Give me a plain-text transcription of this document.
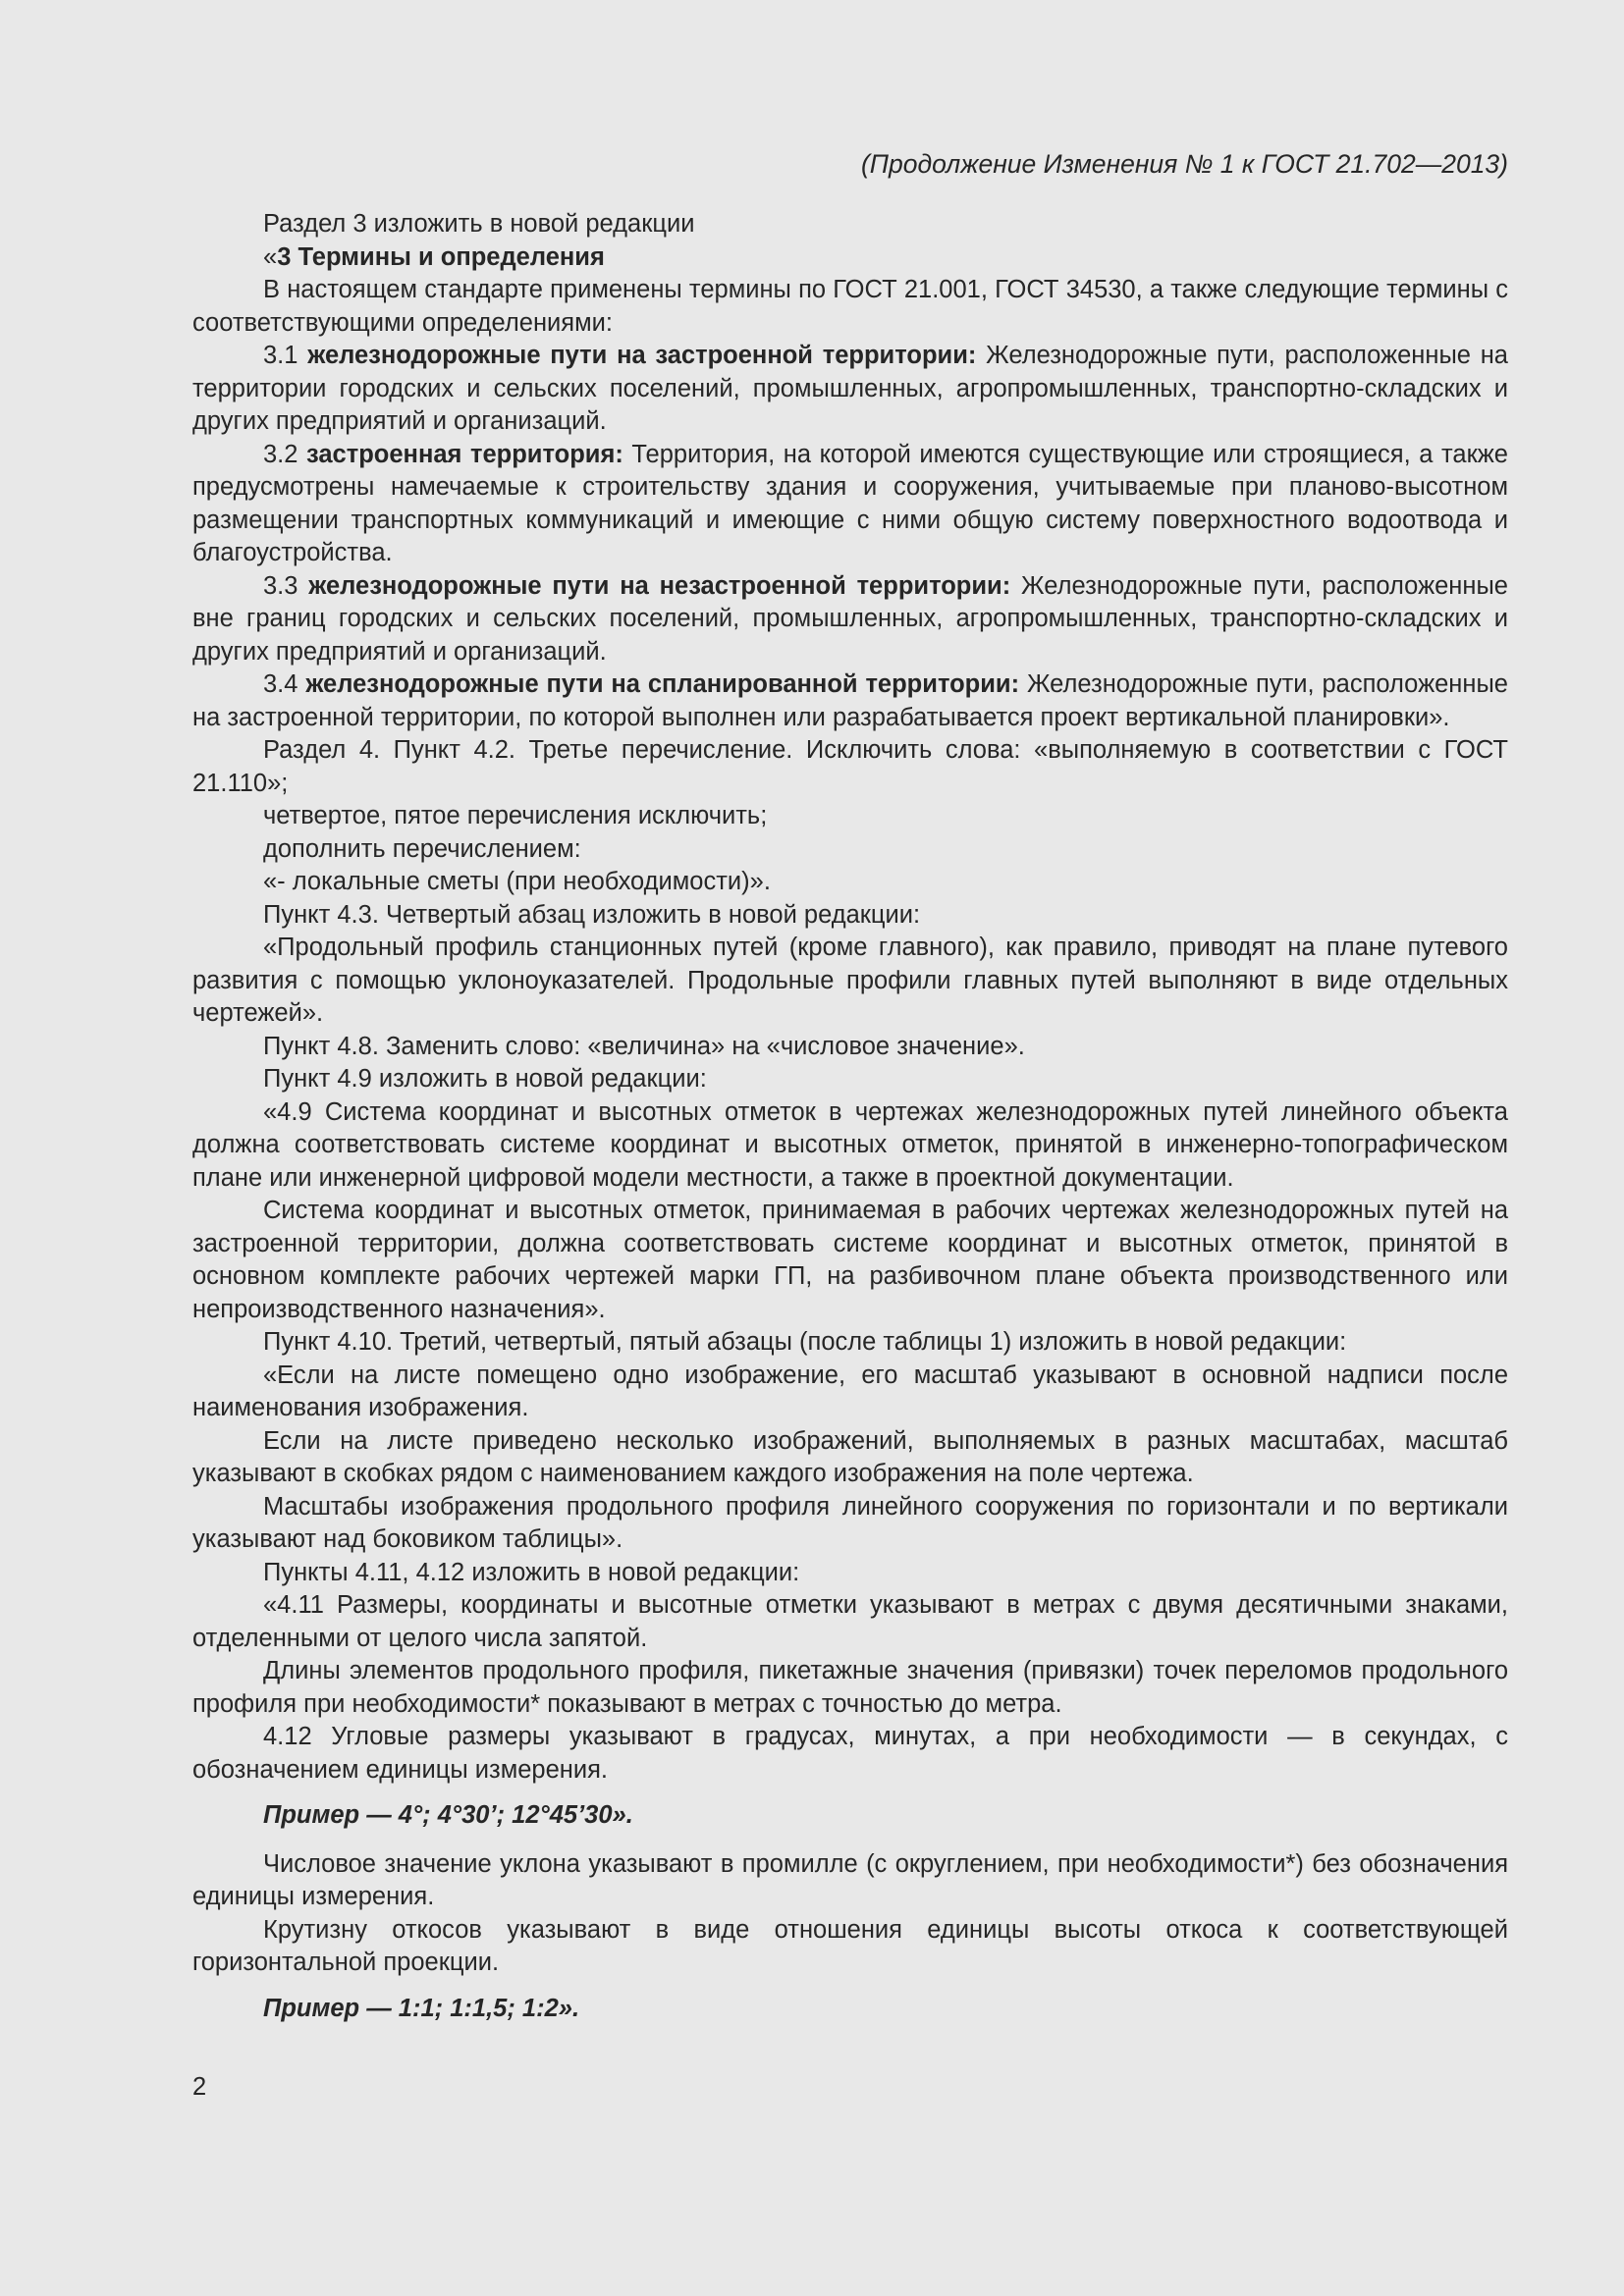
(Продолжение Изменения № 1 к ГОСТ 21.702—2013)

Раздел 3 изложить в новой редакции

«3 Термины и определения

В настоящем стандарте применены термины по ГОСТ 21.001, ГОСТ 34530, а также следующие термины с соответствующими определениями:

3.1 железнодорожные пути на застроенной территории: Железнодорожные пути, расположенные на территории городских и сельских поселений, промышленных, агропромышленных, транспортно-складских и других предприятий и организаций.

3.2 застроенная территория: Территория, на которой имеются существующие или строящиеся, а также предусмотрены намечаемые к строительству здания и сооружения, учитываемые при планово-высотном размещении транспортных коммуникаций и имеющие с ними общую систему поверхностного водоотвода и благоустройства.

3.3 железнодорожные пути на незастроенной территории: Железнодорожные пути, расположенные вне границ городских и сельских поселений, промышленных, агропромышленных, транспортно-складских и других предприятий и организаций.

3.4 железнодорожные пути на спланированной территории: Железнодорожные пути, расположенные на застроенной территории, по которой выполнен или разрабатывается проект вертикальной планировки».

Раздел 4. Пункт 4.2. Третье перечисление. Исключить слова: «выполняемую в соответствии с ГОСТ 21.110»;

четвертое, пятое перечисления исключить;

дополнить перечислением:

«- локальные сметы (при необходимости)».

Пункт 4.3. Четвертый абзац изложить в новой редакции:

«Продольный профиль станционных путей (кроме главного), как правило, приводят на плане путевого развития с помощью уклоноуказателей. Продольные профили главных путей выполняют в виде отдельных чертежей».

Пункт 4.8. Заменить слово: «величина» на «числовое значение».

Пункт 4.9 изложить в новой редакции:

«4.9 Система координат и высотных отметок в чертежах железнодорожных путей линейного объекта должна соответствовать системе координат и высотных отметок, принятой в инженерно-топографическом плане или инженерной цифровой модели местности, а также в проектной документации.

Система координат и высотных отметок, принимаемая в рабочих чертежах железнодорожных путей на застроенной территории, должна соответствовать системе координат и высотных отметок, принятой в основном комплекте рабочих чертежей марки ГП, на разбивочном плане объекта производственного или непроизводственного назначения».

Пункт 4.10. Третий, четвертый, пятый абзацы (после таблицы 1) изложить в новой редакции:

«Если на листе помещено одно изображение, его масштаб указывают в основной надписи после наименования изображения.

Если на листе приведено несколько изображений, выполняемых в разных масштабах, масштаб указывают в скобках рядом с наименованием каждого изображения на поле чертежа.

Масштабы изображения продольного профиля линейного сооружения по горизонтали и по вертикали указывают над боковиком таблицы».

Пункты 4.11, 4.12 изложить в новой редакции:

«4.11 Размеры, координаты и высотные отметки указывают в метрах с двумя десятичными знаками, отделенными от целого числа запятой.

Длины элементов продольного профиля, пикетажные значения (привязки) точек переломов продольного профиля при необходимости* показывают в метрах с точностью до метра.

4.12 Угловые размеры указывают в градусах, минутах, а при необходимости — в секундах, с обозначением единицы измерения.

Пример — 4°; 4°30’; 12°45’30».

Числовое значение уклона указывают в промилле (с округлением, при необходимости*) без обозначения единицы измерения.

Крутизну откосов указывают в виде отношения единицы высоты откоса к соответствующей горизонтальной проекции.

Пример — 1:1; 1:1,5; 1:2».

2
